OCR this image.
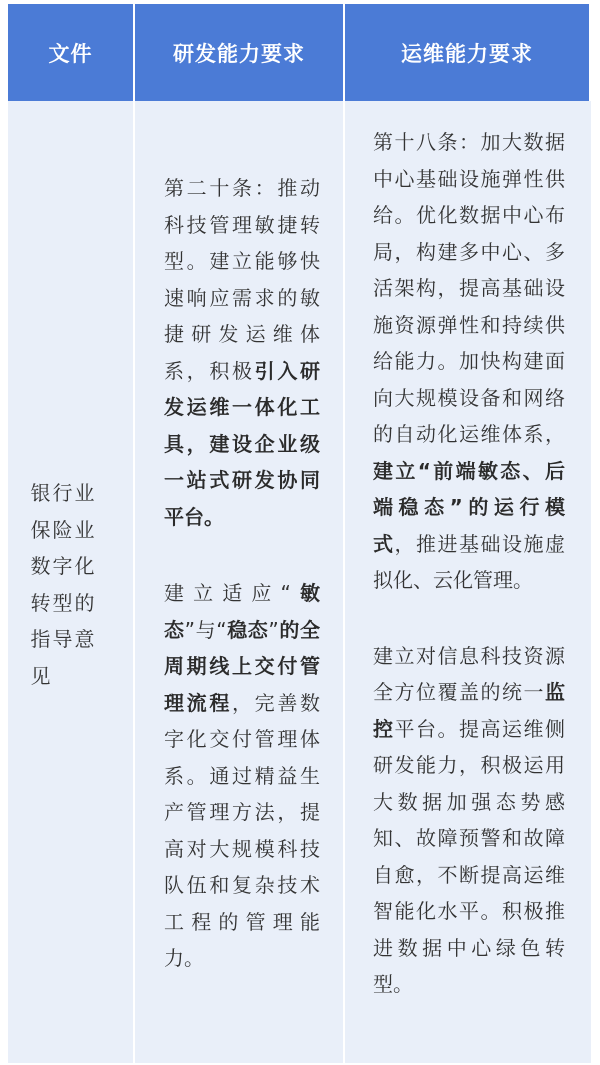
文件	研发能力要求	运维能力要求
银行业保险业数字化转型的指导意见

第二十条：推动科技管理敏捷转型。建立能够快速响应需求的敏捷研发运维体系，积极引入研发运维一体化工具，建设企业级一站式研发协同平台。

建立适应“敏态”与“稳态”的全周期线上交付管理流程，完善数字化交付管理体系。通过精益生产管理方法，提高对大规模科技队伍和复杂技术工程的管理能力。

第十八条：加大数据中心基础设施弹性供给。优化数据中心布局，构建多中心、多活架构，提高基础设施资源弹性和持续供给能力。加快构建面向大规模设备和网络的自动化运维体系，建立“前端敏态、后端稳态”的运行模式，推进基础设施虚拟化、云化管理。

建立对信息科技资源全方位覆盖的统一监控平台。提高运维侧研发能力，积极运用大数据加强态势感知、故障预警和故障自愈，不断提高运维智能化水平。积极推进数据中心绿色转型。
